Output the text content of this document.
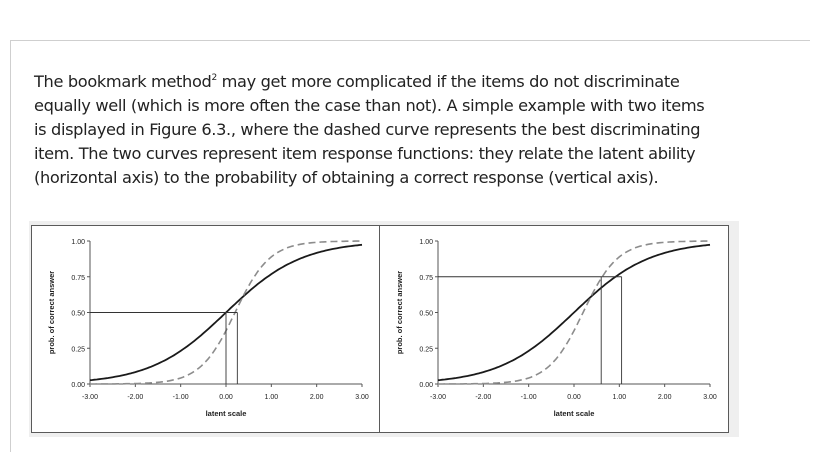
The bookmark method$^2$ may get more complicated if the items do not discriminate
equally well (which is more often the case than not). A simple example with two items
is displayed in Figure 6.3., where the dashed curve represents the best discriminating
item. The two curves represent item response functions: they relate the latent ability
(horizontal axis) to the probability of obtaining a correct response (vertical axis).
0.00
0.25
0.50
0.75
1.00
-3.00	-2.00	-1.00	0.00	1.00	2.00	3.00
latent scale
prob. of correct answer
0.00
0.25
0.50
0.75
1.00
-3.00	-2.00	-1.00	0.00	1.00	2.00	3.00
latent scale
prob. of correct answer
